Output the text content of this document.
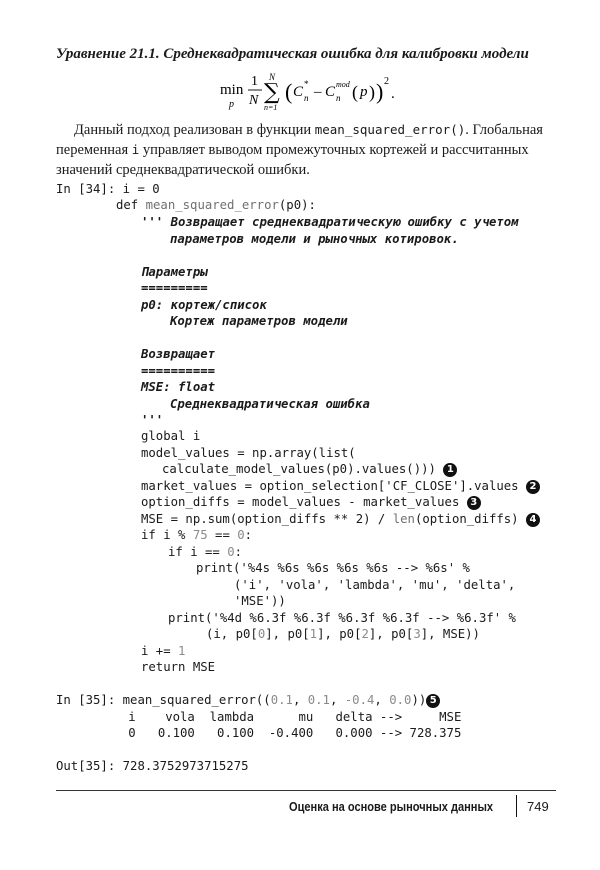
Уравнение 21.1. Среднеквадратическая ошибка для калибровки модели
min
p
1
N
N
∑
n=1
( C *
n – C mod
n ( p ) ) 2
.
Данный подход реализован в функции mean_squared_error(). Глобальная
переменная i управляет выводом промежуточных кортежей и рассчитанных
значений среднеквадратической ошибки.
In [34]: i = 0
def mean_squared_error(p0):
''' Возвращает среднеквадратическую ошибку с учетом
параметров модели и рыночных котировок.
Параметры
=========
p0: кортеж/список
Кортеж параметров модели
Возвращает
==========
MSE: float
Среднеквадратическая ошибка
'''
global i
model_values = np.array(list(
calculate_model_values(p0).values())) 1
market_values = option_selection['CF_CLOSE'].values 2
option_diffs = model_values - market_values 3
MSE = np.sum(option_diffs ** 2) / len(option_diffs) 4
if i % 75 == 0:
if i == 0:
print('%4s %6s %6s %6s %6s --> %6s' %
('i', 'vola', 'lambda', 'mu', 'delta',
'MSE'))
print('%4d %6.3f %6.3f %6.3f %6.3f --> %6.3f' %
(i, p0[0], p0[1], p0[2], p0[3], MSE))
i += 1
return MSE
In [35]: mean_squared_error((0.1, 0.1, -0.4, 0.0)) 5
i    vola  lambda      mu   delta -->     MSE
0   0.100   0.100  -0.400   0.000 --> 728.375
Out[35]: 728.3752973715275
Оценка на основе рыночных данных	749
